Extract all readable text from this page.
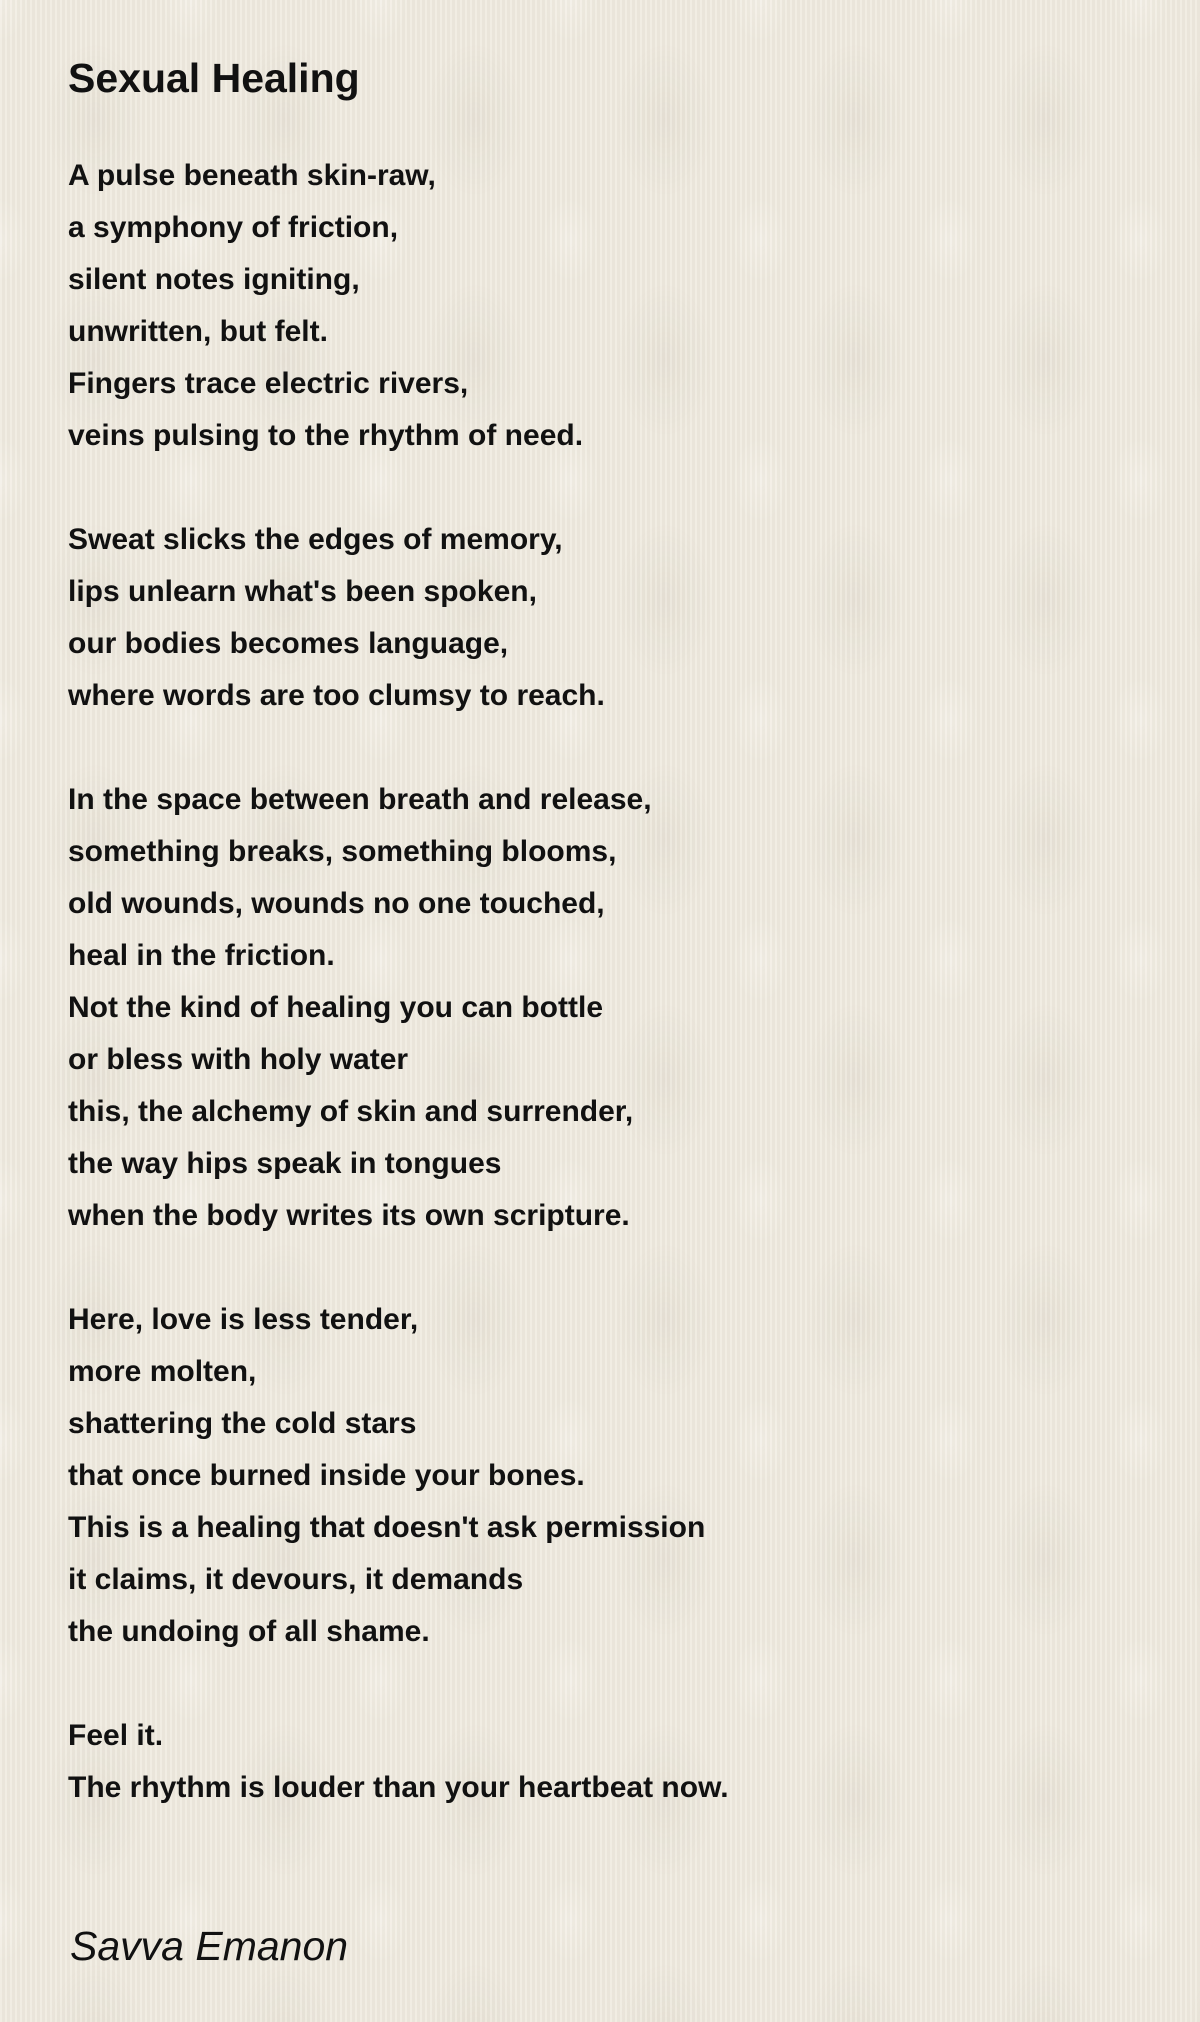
Sexual Healing
A pulse beneath skin-raw,
a symphony of friction,
silent notes igniting,
unwritten, but felt.
Fingers trace electric rivers,
veins pulsing to the rhythm of need.
Sweat slicks the edges of memory,
lips unlearn what's been spoken,
our bodies becomes language,
where words are too clumsy to reach.
In the space between breath and release,
something breaks, something blooms,
old wounds, wounds no one touched,
heal in the friction.
Not the kind of healing you can bottle
or bless with holy water
this, the alchemy of skin and surrender,
the way hips speak in tongues
when the body writes its own scripture.
Here, love is less tender,
more molten,
shattering the cold stars
that once burned inside your bones.
This is a healing that doesn't ask permission
it claims, it devours, it demands
the undoing of all shame.
Feel it.
The rhythm is louder than your heartbeat now.
Savva Emanon
